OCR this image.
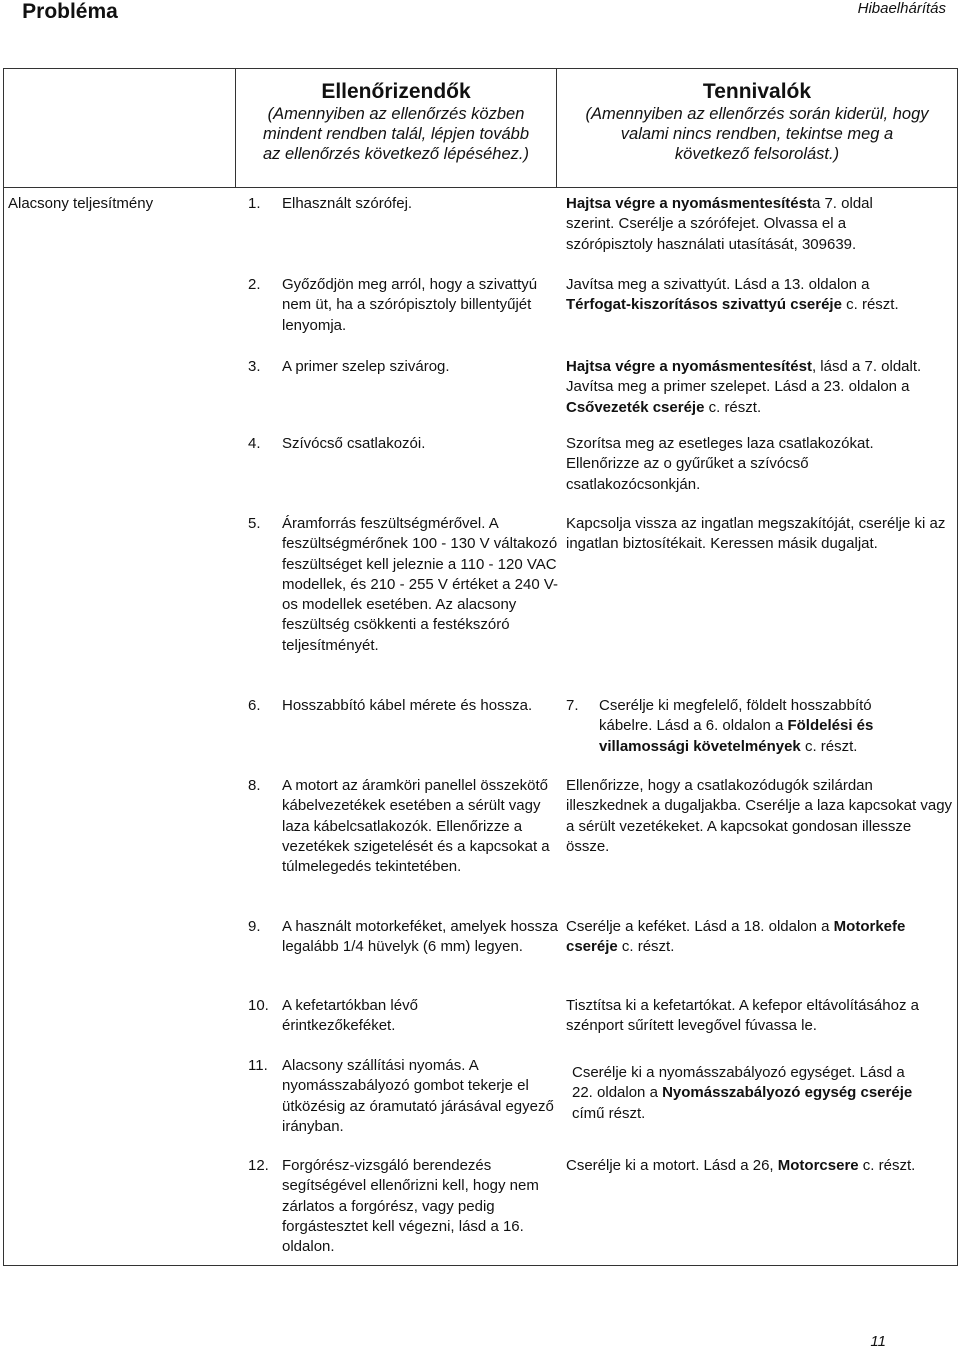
Hibaelhárítás
Probléma
Ellenőrizendők
(Amennyiben az ellenőrzés közben
mindent rendben talál, lépjen tovább
az ellenőrzés következő lépéséhez.)
Tennivalók
(Amennyiben az ellenőrzés során kiderül, hogy
valami nincs rendben, tekintse meg a
következő felsorolást.)
Alacsony teljesítmény	1. Elhasznált szórófej.	Hajtsa végre a nyomásmentesítésta 7. oldal szerint. Cserélje a szórófejet. Olvassa el a szórópisztoly használati utasítását, 309639.
2. Győződjön meg arról, hogy a szivattyú nem üt, ha a szórópisztoly billentyűjét lenyomja.
Javítsa meg a szivattyút. Lásd a 13. oldalon a Térfogat-kiszorításos szivattyú cseréje c. részt.
3. A primer szelep szivárog.	Hajtsa végre a nyomásmentesítést, lásd a 7. oldalt. Javítsa meg a primer szelepet. Lásd a 23. oldalon a Csővezeték cseréje c. részt.
4. Szívócső csatlakozói.	Szorítsa meg az esetleges laza csatlakozókat. Ellenőrizze az o gyűrűket a szívócső csatlakozócsonkján.
5. Áramforrás feszültségmérővel. A feszültségmérőnek 100 - 130 V váltakozó feszültséget kell jeleznie a 110 - 120 VAC modellek, és 210 - 255 V értéket a 240 V-os modellek esetében. Az alacsony feszültség csökkenti a festékszóró teljesítményét.
Kapcsolja vissza az ingatlan megszakítóját, cserélje ki az ingatlan biztosítékait. Keressen másik dugaljat.
6. Hosszabbító kábel mérete és hossza.	7. Cserélje ki megfelelő, földelt hosszabbító kábelre. Lásd a 6. oldalon a Földelési és villamossági követelmények c. részt.
8. A motort az áramköri panellel összekötő kábelvezetékek esetében a sérült vagy laza kábelcsatlakozók. Ellenőrizze a vezetékek szigetelését és a kapcsokat a túlmelegedés tekintetében.
Ellenőrizze, hogy a csatlakozódugók szilárdan illeszkednek a dugaljakba. Cserélje a laza kapcsokat vagy a sérült vezetékeket. A kapcsokat gondosan illessze össze.
9. A használt motorkeféket, amelyek hossza legalább 1/4 hüvelyk (6 mm) legyen.
Cserélje a keféket. Lásd a 18. oldalon a Motorkefe cseréje c. részt.
10. A kefetartókban lévő érintkezőkeféket.
Tisztítsa ki a kefetartókat. A kefepor eltávolításához a szénport sűrített levegővel fúvassa le.
11. Alacsony szállítási nyomás. A nyomásszabályozó gombot tekerje el ütközésig az óramutató járásával egyező irányban.
Cserélje ki a nyomásszabályozó egységet. Lásd a 22. oldalon a Nyomásszabályozó egység cseréje című részt.
12. Forgórész-vizsgáló berendezés segítségével ellenőrizni kell, hogy nem zárlatos a forgórész, vagy pedig forgástesztet kell végezni, lásd a 16. oldalon.
Cserélje ki a motort. Lásd a 26, Motorcsere c. részt.
11
